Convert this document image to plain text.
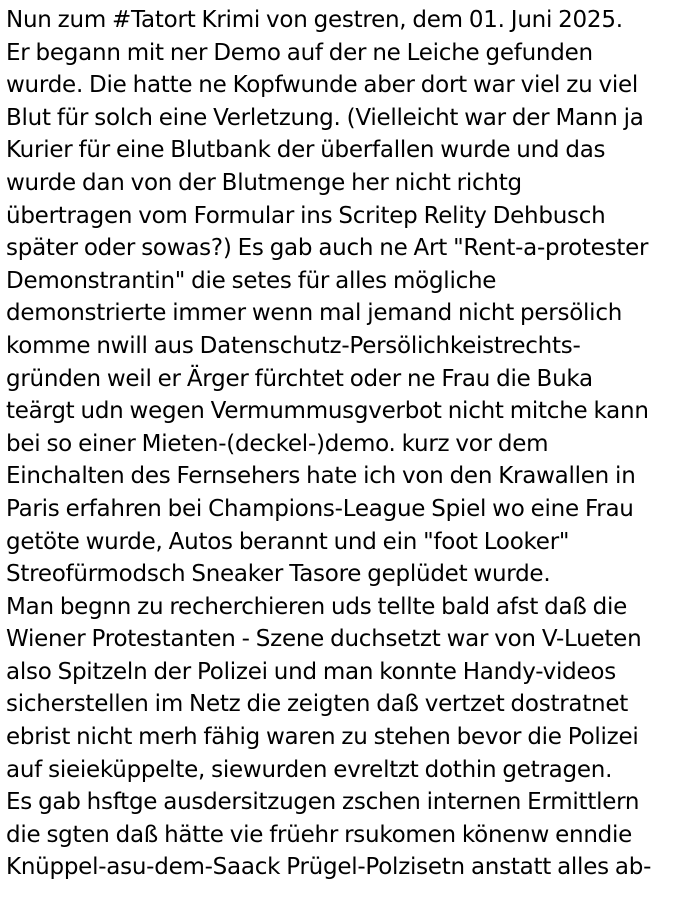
Nun zum #Tatort Krimi von gestren, dem 01. Juni 2025.
Er begann mit ner Demo auf der ne Leiche gefunden
wurde. Die hatte ne Kopfwunde aber dort war viel zu viel
Blut für solch eine Verletzung. (Vielleicht war der Mann ja
Kurier für eine Blutbank der überfallen wurde und das
wurde dan von der Blutmenge her nicht richtg
übertragen vom Formular ins Scritep Relity Dehbusch
später oder sowas?) Es gab auch ne Art "Rent-a-protester
Demonstrantin" die setes für alles mögliche
demonstrierte immer wenn mal jemand nicht persölich
komme nwill aus Datenschutz-Persölichkeistrechts-
gründen weil er Ärger fürchtet oder ne Frau die Buka
teärgt udn wegen Vermummusgverbot nicht mitche kann
bei so einer Mieten-(deckel-)demo. kurz vor dem
Einchalten des Fernsehers hate ich von den Krawallen in
Paris erfahren bei Champions-League Spiel wo eine Frau
getöte wurde, Autos berannt und ein "foot Looker"
Streofürmodsch Sneaker Tasore geplüdet wurde.
Man begnn zu recherchieren uds tellte bald afst daß die
Wiener Protestanten - Szene duchsetzt war von V-Lueten
also Spitzeln der Polizei und man konnte Handy-videos
sicherstellen im Netz die zeigten daß vertzet dostratnet
ebrist nicht merh fähig waren zu stehen bevor die Polizei
auf sieieküppelte, siewurden evreltzt dothin getragen.
Es gab hsftge ausdersitzugen zschen internen Ermittlern
die sgten daß hätte vie früehr rsukomen könenw enndie
Knüppel-asu-dem-Saack Prügel-Polzisetn anstatt alles ab-
